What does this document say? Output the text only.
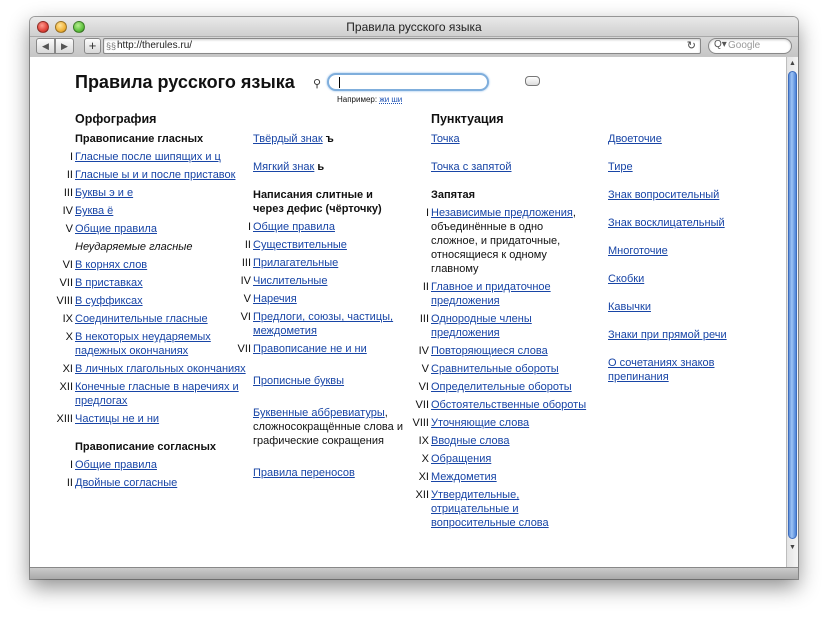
Правила русского языка
◀	▶	+	§§ http://therules.ru/	↻ Q▾ Google
Правила русского языка ⚲
Например: жи ши
Орфография
Правописание гласных
I Гласные после шипящих и ц
II Гласные ы и и после приставок
III Буквы э и е
IV Буква ё
V Общие правила
Неударяемые гласные
VI В корнях слов
VII В приставках
VIII В суффиксах
IX Соединительные гласные
X В некоторых неударяемых падежных окончаниях
XI В личных глагольных окончаниях
XII Конечные гласные в наречиях и предлогах
XIII Частицы не и ни
Правописание согласных
I Общие правила
II Двойные согласные
Твёрдый знак ъ
Мягкий знак ь
Написания слитные и через дефис (чёрточку)
I Общие правила
II Существительные
III Прилагательные
IV Числительные
V Наречия
VI Предлоги, союзы, частицы, междометия
VII Правописание не и ни
Прописные буквы
Буквенные аббревиатуры, сложносокращённые слова и графические сокращения
Правила переносов
Пунктуация
Точка
Точка с запятой
Запятая
I Независимые предложения, объединённые в одно сложное, и придаточные, относящиеся к одному главному
II Главное и придаточное предложения
III Однородные члены предложения
IV Повторяющиеся слова
V Сравнительные обороты
VI Определительные обороты
VII Обстоятельственные обороты
VIII Уточняющие слова
IX Вводные слова
X Обращения
XI Междометия
XII Утвердительные, отрицательные и вопросительные слова
Двоеточие
Тире
Знак вопросительный
Знак восклицательный
Многоточие
Скобки
Кавычки
Знаки при прямой речи
О сочетаниях знаков препинания
▲
▼
